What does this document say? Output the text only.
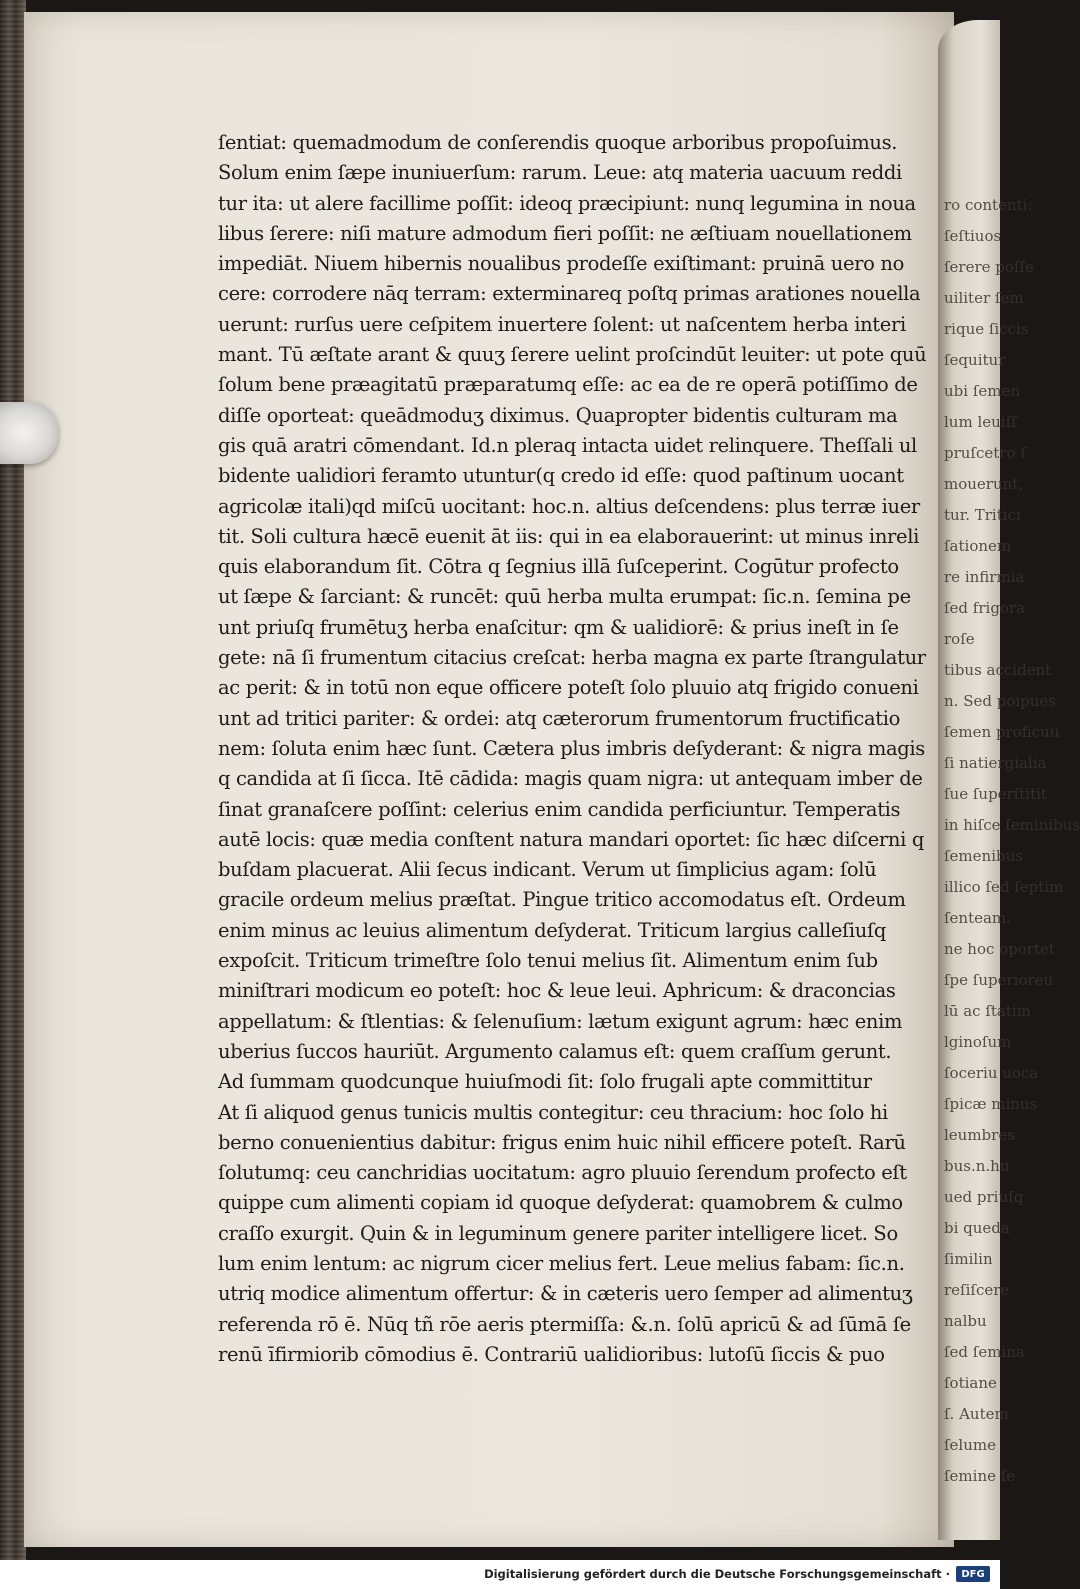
ro contenti:
ſeſtiuos
ſerere poſſe
uiliter ſem
rique ſiccis
ſequitur
ubi ſemen
lum leuiſſ
pruſcetro f
mouerunt,
tur. Tritici
ſationem
re infirmia
ſed frigora
roſe
tibus accident
n. Sed poipues
ſemen proficuu
ſi natiergialia
ſue ſuperſtitit
in hiſce ſeminibus
ſemenibus
illico ſed ſeptim
ſenteam.
ne hoc oportet
ſpe ſuperioreu
lū ac ſtatim
lginoſum
ſoceriu uoca
ſpicæ minus
leumbres
bus.n.hu
ued priuſq
bi queda
ſimilin
reſiſcere
nalbu
ſed ſemina
ſotiane
ſ. Autem
ſelume
ſemine ſe
ſentiat: quemadmodum de conſerendis quoque arboribus propoſuimus.
Solum enim ſæpe inuniuerſum: rarum. Leue: atq materia uacuum reddi
tur ita: ut alere facillime poſſit: ideoq præcipiunt: nunq legumina in noua
libus ſerere: niſi mature admodum fieri poſſit: ne æſtiuam nouellationem
impediāt. Niuem hibernis noualibus prodeſſe exiſtimant: pruinā uero no
cere: corrodere nāq terram: exterminareq poſtq primas arationes nouella
uerunt: rurſus uere ceſpitem inuertere ſolent: ut naſcentem herba interi
mant. Tū æſtate arant & quuʒ ſerere uelint proſcindūt leuiter: ut pote quū
ſolum bene præagitatū præparatumq eſſe: ac ea de re operā potiſſimo de
diſſe oporteat: queādmoduʒ diximus. Quapropter bidentis culturam ma
gis quā aratri cōmendant. Id.n pleraq intacta uidet relinquere. Theſſali ul
bidente ualidiori feramto utuntur(q credo id eſſe: quod paſtinum uocant
agricolæ itali)qd miſcū uocitant: hoc.n. altius deſcendens: plus terræ iuer
tit. Soli cultura hæcē euenit āt iis: qui in ea elaborauerint: ut minus inreli
quis elaborandum ſit. Cōtra q ſegnius illā ſuſceperint. Cogūtur profecto
ut ſæpe & ſarciant: & runcēt: quū herba multa erumpat: ſic.n. ſemina pe
unt priuſq frumētuʒ herba enaſcitur: qm & ualidiorē: & prius ineſt in ſe
gete: nā ſi frumentum citacius creſcat: herba magna ex parte ſtrangulatur
ac perit: & in totū non eque officere poteſt ſolo pluuio atq frigido conueni
unt ad tritici pariter: & ordei: atq cæterorum frumentorum fructificatio
nem: ſoluta enim hæc ſunt. Cætera plus imbris deſyderant: & nigra magis
q candida at ſi ſicca. Itē cādida: magis quam nigra: ut antequam imber de
ſinat granaſcere poſſint: celerius enim candida perficiuntur. Temperatis
autē locis: quæ media conſtent natura mandari oportet: ſic hæc diſcerni q
buſdam placuerat. Alii ſecus indicant. Verum ut ſimplicius agam: ſolū
gracile ordeum melius præſtat. Pingue tritico accomodatus eſt. Ordeum
enim minus ac leuius alimentum deſyderat. Triticum largius calleſiuſq
expoſcit. Triticum trimeſtre ſolo tenui melius ſit. Alimentum enim ſub
miniſtrari modicum eo poteſt: hoc & leue leui. Aphricum: & draconcias
appellatum: & ſtlentias: & ſelenuſium: lætum exigunt agrum: hæc enim
uberius ſuccos hauriūt. Argumento calamus eſt: quem craſſum gerunt.
Ad ſummam quodcunque huiuſmodi ſit: ſolo frugali apte committitur
At ſi aliquod genus tunicis multis contegitur: ceu thracium: hoc ſolo hi
berno conuenientius dabitur: frigus enim huic nihil efficere poteſt. Rarū
ſolutumq: ceu canchridias uocitatum: agro pluuio ſerendum profecto eſt
quippe cum alimenti copiam id quoque deſyderat: quamobrem & culmo
craſſo exurgit. Quin & in leguminum genere pariter intelligere licet. So
lum enim lentum: ac nigrum cicer melius fert. Leue melius fabam: ſic.n.
utriq modice alimentum offertur: & in cæteris uero ſemper ad alimentuʒ
referenda rō ē. Nūq tñ rōe aeris ptermiſſa: &.n. ſolū apricū & ad ſūmā ſe
renū īfirmiorib cōmodius ē. Contrariū ualidioribus: lutoſū ſiccis & puo
Digitalisierung gefördert durch die Deutsche Forschungsgemeinschaft ·	DFG
